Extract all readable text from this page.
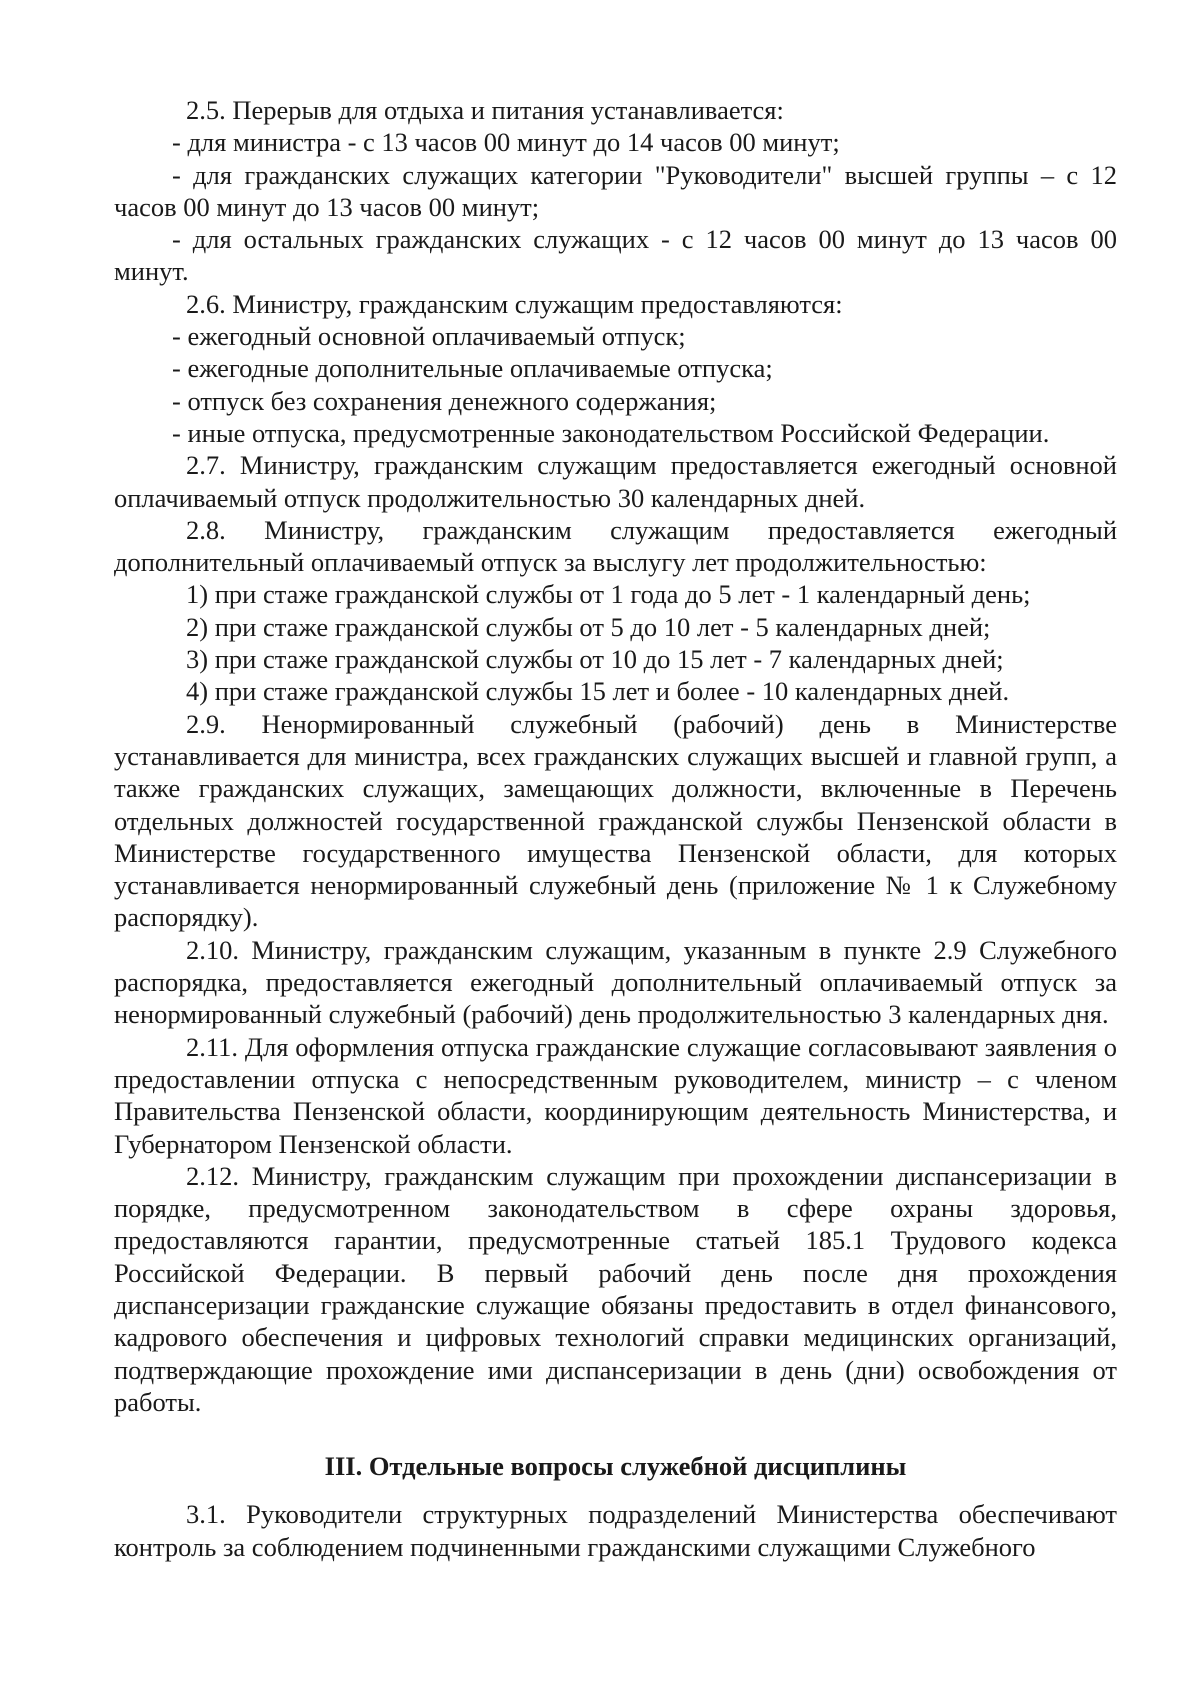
2.5. Перерыв для отдыха и питания устанавливается:

- для министра - с 13 часов 00 минут до 14 часов 00 минут;

- для гражданских служащих категории "Руководители" высшей группы – с 12 часов 00 минут до 13 часов 00 минут;

- для остальных гражданских служащих - с 12 часов 00 минут до 13 часов 00 минут.

2.6. Министру, гражданским служащим предоставляются:

- ежегодный основной оплачиваемый отпуск;

- ежегодные дополнительные оплачиваемые отпуска;

- отпуск без сохранения денежного содержания;

- иные отпуска, предусмотренные законодательством Российской Федерации.

2.7. Министру, гражданским служащим предоставляется ежегодный основной оплачиваемый отпуск продолжительностью 30 календарных дней.

2.8. Министру, гражданским служащим предоставляется ежегодный дополнительный оплачиваемый отпуск за выслугу лет продолжительностью:

1) при стаже гражданской службы от 1 года до 5 лет - 1 календарный день;

2) при стаже гражданской службы от 5 до 10 лет - 5 календарных дней;

3) при стаже гражданской службы от 10 до 15 лет - 7 календарных дней;

4) при стаже гражданской службы 15 лет и более - 10 календарных дней.

2.9. Ненормированный служебный (рабочий) день в Министерстве устанавливается для министра, всех гражданских служащих высшей и главной групп, а также гражданских служащих, замещающих должности, включенные в Перечень отдельных должностей государственной гражданской службы Пензенской области в Министерстве государственного имущества Пензенской области, для которых устанавливается ненормированный служебный день (приложение № 1 к Служебному распорядку).

2.10. Министру, гражданским служащим, указанным в пункте 2.9 Служебного распорядка, предоставляется ежегодный дополнительный оплачиваемый отпуск за ненормированный служебный (рабочий) день продолжительностью 3 календарных дня.

2.11. Для оформления отпуска гражданские служащие согласовывают заявления о предоставлении отпуска с непосредственным руководителем, министр – с членом Правительства Пензенской области, координирующим деятельность Министерства, и Губернатором Пензенской области.

2.12. Министру, гражданским служащим при прохождении диспансеризации в порядке, предусмотренном законодательством в сфере охраны здоровья, предоставляются гарантии, предусмотренные статьей 185.1 Трудового кодекса Российской Федерации. В первый рабочий день после дня прохождения диспансеризации гражданские служащие обязаны предоставить в отдел финансового, кадрового обеспечения и цифровых технологий справки медицинских организаций, подтверждающие прохождение ими диспансеризации в день (дни) освобождения от работы.

III. Отдельные вопросы служебной дисциплины

3.1. Руководители структурных подразделений Министерства обеспечивают контроль за соблюдением подчиненными гражданскими служащими Служебного
